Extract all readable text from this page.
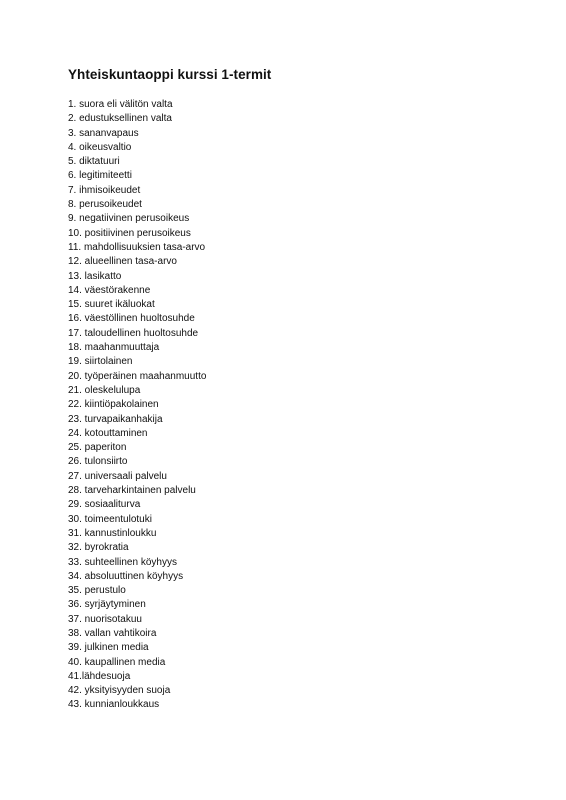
Yhteiskuntaoppi kurssi 1-termit
1. suora eli välitön valta
2. edustuksellinen valta
3. sananvapaus
4. oikeusvaltio
5. diktatuuri
6. legitimiteetti
7. ihmisoikeudet
8. perusoikeudet
9. negatiivinen perusoikeus
10. positiivinen perusoikeus
11. mahdollisuuksien tasa-arvo
12. alueellinen tasa-arvo
13. lasikatto
14. väestörakenne
15. suuret ikäluokat
16. väestöllinen huoltosuhde
17. taloudellinen huoltosuhde
18. maahanmuuttaja
19. siirtolainen
20. työperäinen maahanmuutto
21. oleskelulupa
22. kiintiöpakolainen
23. turvapaikanhakija
24. kotouttaminen
25. paperiton
26. tulonsiirto
27. universaali palvelu
28. tarveharkintainen palvelu
29. sosiaaliturva
30. toimeentulotuki
31. kannustinloukku
32. byrokratia
33. suhteellinen köyhyys
34. absoluuttinen köyhyys
35. perustulo
36. syrjäytyminen
37. nuorisotakuu
38. vallan vahtikoira
39. julkinen media
40. kaupallinen media
41.lähdesuoja
42. yksityisyyden suoja
43. kunnianloukkaus
